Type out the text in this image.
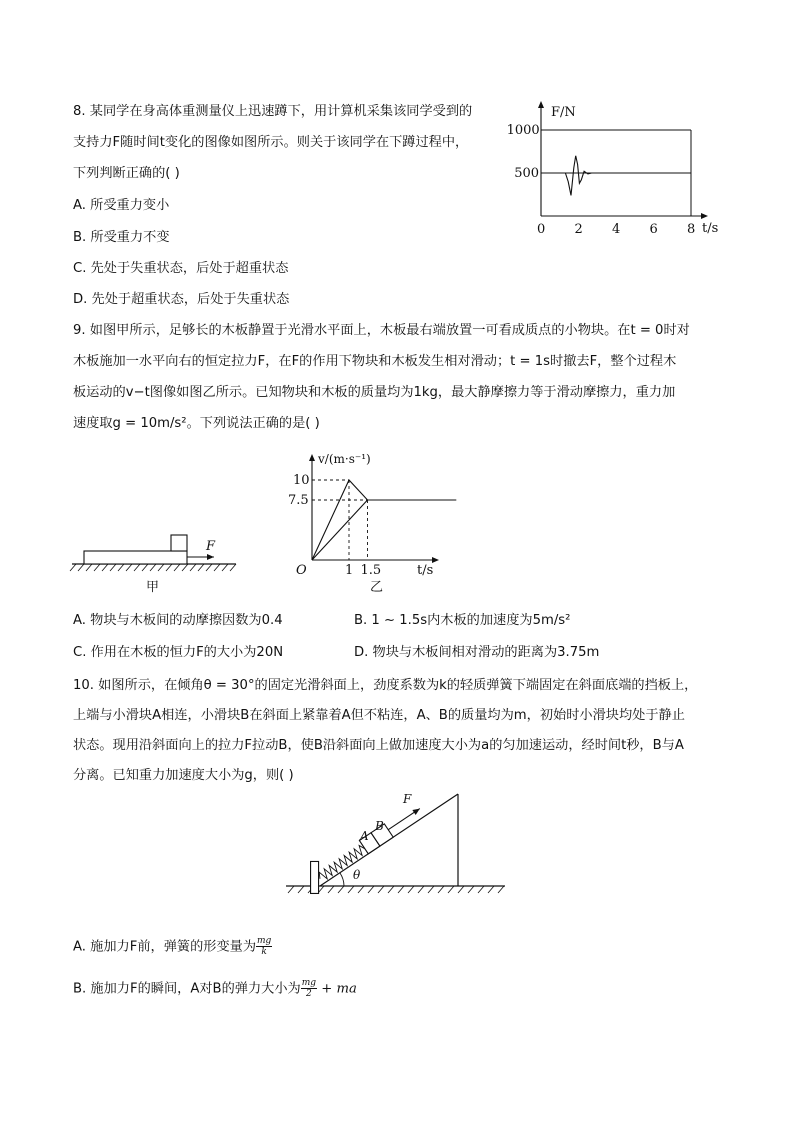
8. 某同学在身高体重测量仪上迅速蹲下，用计算机采集该同学受到的
支持力F随时间t变化的图像如图所示。则关于该同学在下蹲过程中，
下列判断正确的( )
A. 所受重力变小
B. 所受重力不变
C. 先处于失重状态，后处于超重状态
D. 先处于超重状态，后处于失重状态
0 2 4 6 8
500
1000
F/N
t/s
9. 如图甲所示，足够长的木板静置于光滑水平面上，木板最右端放置一可看成质点的小物块。在t = 0时对
木板施加一水平向右的恒定拉力F，在F的作用下物块和木板发生相对滑动；t = 1s时撤去F，整个过程木
板运动的v−t图像如图乙所示。已知物块和木板的质量均为1kg，最大静摩擦力等于滑动摩擦力，重力加
速度取g = 10m/s²。下列说法正确的是( )
F
甲
O	1 1.5
7.5
10
v/(m·s⁻¹)
t/s
乙
A. 物块与木板间的动摩擦因数为0.4	B. 1 ~ 1.5s内木板的加速度为5m/s²
C. 作用在木板的恒力F的大小为20N	D. 物块与木板间相对滑动的距离为3.75m
10. 如图所示，在倾角θ = 30°的固定光滑斜面上，劲度系数为k的轻质弹簧下端固定在斜面底端的挡板上，
上端与小滑块A相连，小滑块B在斜面上紧靠着A但不粘连，A、B的质量均为m，初始时小滑块均处于静止
状态。现用沿斜面向上的拉力F拉动B，使B沿斜面向上做加速度大小为a的匀加速运动，经时间t秒，B与A
分离。已知重力加速度大小为g，则( )
θ
A
B
F
A. 施加力F前，弹簧的形变量为 $\frac{mg}{k}$
B. 施加力F的瞬间，A对B的弹力大小为 $\frac{mg}{2}$ + ma
